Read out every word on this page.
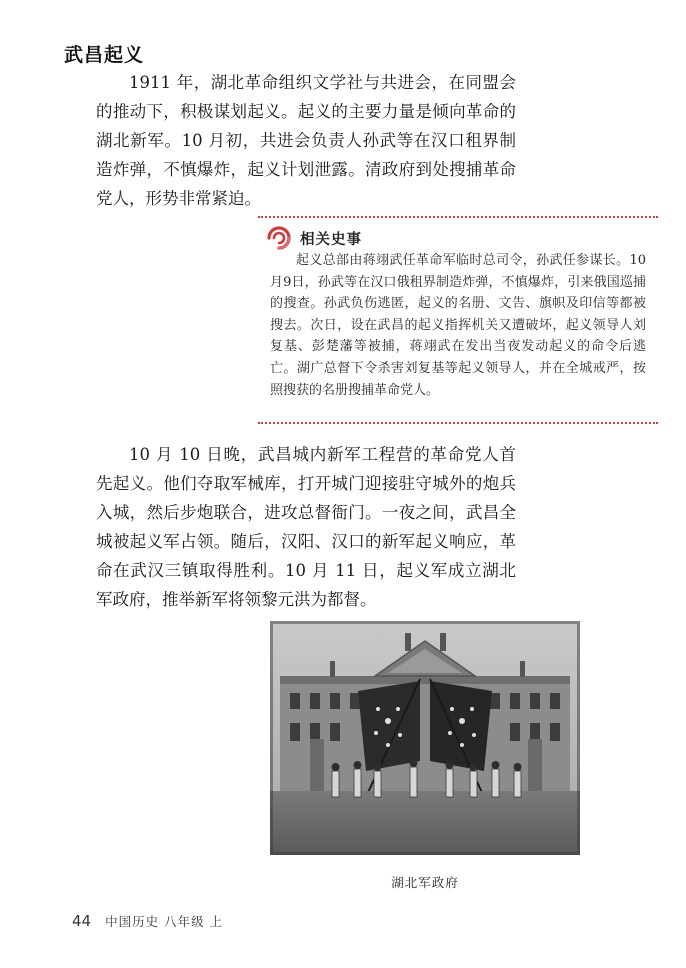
武昌起义
1911 年，湖北革命组织文学社与共进会，在同盟会的推动下，积极谋划起义。起义的主要力量是倾向革命的湖北新军。10 月初，共进会负责人孙武等在汉口租界制造炸弹，不慎爆炸，起义计划泄露。清政府到处搜捕革命党人，形势非常紧迫。
相关史事
起义总部由蒋翊武任革命军临时总司令，孙武任参谋长。10月9日，孙武等在汉口俄租界制造炸弹，不慎爆炸，引来俄国巡捕的搜查。孙武负伤逃匿，起义的名册、文告、旗帜及印信等都被搜去。次日，设在武昌的起义指挥机关又遭破坏，起义领导人刘复基、彭楚藩等被捕，蒋翊武在发出当夜发动起义的命令后逃亡。湖广总督下令杀害刘复基等起义领导人，并在全城戒严，按照搜获的名册搜捕革命党人。
10 月 10 日晚，武昌城内新军工程营的革命党人首先起义。他们夺取军械库，打开城门迎接驻守城外的炮兵入城，然后步炮联合，进攻总督衙门。一夜之间，武昌全城被起义军占领。随后，汉阳、汉口的新军起义响应，革命在武汉三镇取得胜利。10 月 11 日，起义军成立湖北军政府，推举新军将领黎元洪为都督。
湖北军政府
44 中国历史 八年级 上
